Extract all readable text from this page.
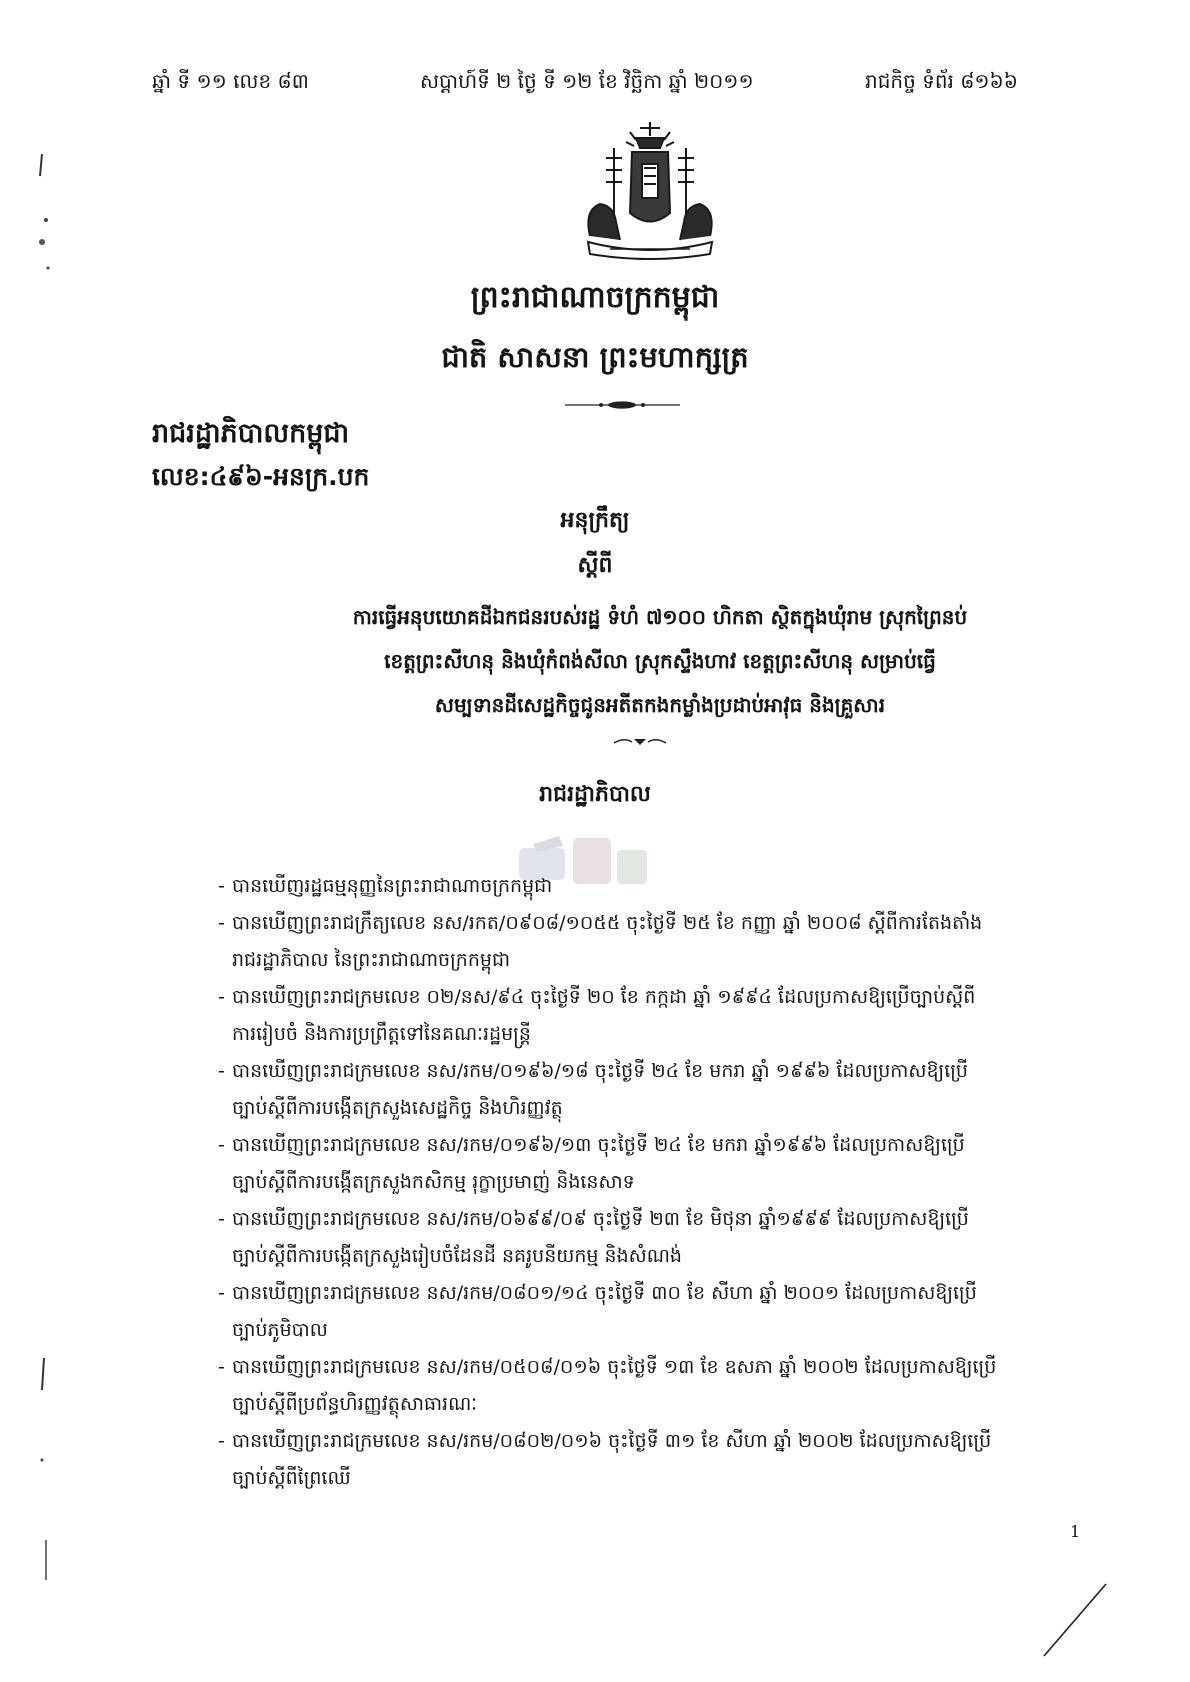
ឆ្នាំ ទី ១១ លេខ ៨៣	សប្តាហ៍ទី ២ ថ្ងៃ ទី ១២ ខែ វិច្ឆិកា ឆ្នាំ ២០១១	រាជកិច្ច ទំព័រ ៨១៦៦
ព្រះរាជាណាចក្រកម្ពុជា
ជាតិ សាសនា ព្រះមហាក្សត្រ
រាជរដ្ឋាភិបាលកម្ពុជា
លេខ:៤៩៦-អនក្រ.បក
អនុក្រឹត្យ
ស្តីពី
ការធ្វើអនុបយោគដីឯកជនរបស់រដ្ឋ ទំហំ ៧១០០ ហិកតា ស្ថិតក្នុងឃុំរាម ស្រុកព្រៃនប់
ខេត្តព្រះសីហនុ និងឃុំកំពង់សីលា ស្រុកស្ទឹងហាវ ខេត្តព្រះសីហនុ សម្រាប់ធ្វើ
សម្បទានដីសេដ្ឋកិច្ចជូនអតីតកងកម្លាំងប្រដាប់អាវុធ និងគ្រួសារ
រាជរដ្ឋាភិបាល
- បានឃើញរដ្ឋធម្មនុញ្ញនៃព្រះរាជាណាចក្រកម្ពុជា
- បានឃើញព្រះរាជក្រឹត្យលេខ នស/រកត/០៩០៨/១០៥៥ ចុះថ្ងៃទី ២៥ ខែ កញ្ញា ឆ្នាំ ២០០៨ ស្តីពីការតែងតាំង
រាជរដ្ឋាភិបាល នៃព្រះរាជាណាចក្រកម្ពុជា
- បានឃើញព្រះរាជក្រមលេខ ០២/នស/៩៤ ចុះថ្ងៃទី ២០ ខែ កក្កដា ឆ្នាំ ១៩៩៤ ដែលប្រកាសឱ្យប្រើច្បាប់ស្តីពី
ការរៀបចំ និងការប្រព្រឹត្តទៅនៃគណៈរដ្ឋមន្ត្រី
- បានឃើញព្រះរាជក្រមលេខ នស/រកម/០១៩៦/១៨ ចុះថ្ងៃទី ២៤ ខែ មករា ឆ្នាំ ១៩៩៦ ដែលប្រកាសឱ្យប្រើ
ច្បាប់ស្តីពីការបង្កើតក្រសួងសេដ្ឋកិច្ច និងហិរញ្ញវត្ថុ
- បានឃើញព្រះរាជក្រមលេខ នស/រកម/០១៩៦/១៣ ចុះថ្ងៃទី ២៤ ខែ មករា ឆ្នាំ១៩៩៦ ដែលប្រកាសឱ្យប្រើ
ច្បាប់ស្តីពីការបង្កើតក្រសួងកសិកម្ម រុក្ខាប្រមាញ់ និងនេសាទ
- បានឃើញព្រះរាជក្រមលេខ នស/រកម/០៦៩៩/០៩ ចុះថ្ងៃទី ២៣ ខែ មិថុនា ឆ្នាំ១៩៩៩ ដែលប្រកាសឱ្យប្រើ
ច្បាប់ស្តីពីការបង្កើតក្រសួងរៀបចំដែនដី នគរូបនីយកម្ម និងសំណង់
- បានឃើញព្រះរាជក្រមលេខ នស/រកម/០៨០១/១៤ ចុះថ្ងៃទី ៣០ ខែ សីហា ឆ្នាំ ២០០១ ដែលប្រកាសឱ្យប្រើ
ច្បាប់ភូមិបាល
- បានឃើញព្រះរាជក្រមលេខ នស/រកម/០៥០៨/០១៦ ចុះថ្ងៃទី ១៣ ខែ ឧសភា ឆ្នាំ ២០០២ ដែលប្រកាសឱ្យប្រើ
ច្បាប់ស្តីពីប្រព័ន្ធហិរញ្ញវត្ថុសាធារណៈ
- បានឃើញព្រះរាជក្រមលេខ នស/រកម/០៨០២/០១៦ ចុះថ្ងៃទី ៣១ ខែ សីហា ឆ្នាំ ២០០២ ដែលប្រកាសឱ្យប្រើ
ច្បាប់ស្តីពីព្រៃឈើ
1
